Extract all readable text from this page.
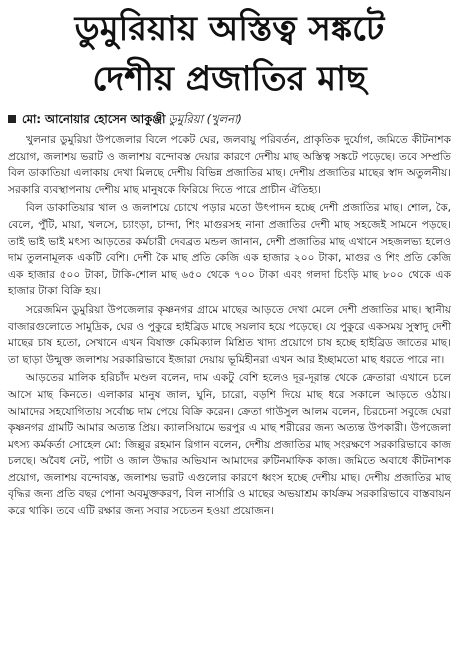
ডুমুরিয়ায় অস্তিত্ব সঙ্কটে
দেশীয় প্রজাতির মাছ
মো: আনোয়ার হোসেন আকুঞ্জী ডুমুরিয়া (খুলনা)

খুলনার ডুমুরিয়া উপজেলার বিলে পকেট ঘের, জলবায়ু পরিবর্তন, প্রাকৃতিক দুর্যোগ, জমিতে কীটনাশক প্রয়োগ, জলাশয় ভরাট ও জলাশয় বন্দোবস্ত দেয়ার কারণে দেশীয় মাছ অস্তিত্ব সঙ্কটে পড়েছে। তবে সম্প্রতি বিল ডাকাতিয়া এলাকায় দেখা মিলছে দেশীয় বিভিন্ন প্রজাতির মাছ। দেশীয় প্রজাতির মাছের স্বাদ অতুলনীয়। সরকারি ব্যবস্থাপনায় দেশীয় মাছ মানুষকে ফিরিয়ে দিতে পারে প্রাচীন ঐতিহ্য।

বিল ডাকাতিয়ার খাল ও জলাশয়ে চোখে পড়ার মতো উৎপাদন হচ্ছে দেশী প্রজাতির মাছ। শোল, কৈ, বেলে, পুঁটি, মায়া, খলসে, চ্যাংড়া, চান্দা, শিং মাগুরসহ নানা প্রজাতির দেশী মাছ সহজেই সামনে পড়ছে। তাই ভাই ভাই মৎস্য আড়তের কর্মচারী দেবব্রত মন্ডল জানান, দেশী প্রজাতির মাছ এখানে সহজলভ্য হলেও দাম তুলনামূলক একটি বেশি। দেশী কৈ মাছ প্রতি কেজি এক হাজার ২০০ টাকা, মাগুর ও শিং প্রতি কেজি এক হাজার ৫০০ টাকা, টাকি-শোল মাছ ৬৫০ থেকে ৭০০ টাকা এবং গলদা চিংড়ি মাছ ৮০০ থেকে এক হাজার টাকা বিক্রি হয়।

সরেজমিন ডুমুরিয়া উপজেলার কৃষ্ণনগর গ্রামে মাছের আড়তে দেখা মেলে দেশী প্রজাতির মাছ। স্থানীয় বাজারগুলোতে সামুদ্রিক, ঘের ও পুকুরে হাইব্রিড মাছে সয়লাব হয়ে পড়েছে। যে পুকুরে একসময় সুস্বাদু দেশী মাছের চাষ হতো, সেখানে এখন বিষাক্ত কেমিক্যাল মিশ্রিত খাদ্য প্রয়োগে চাষ হচ্ছে হাইব্রিড জাতের মাছ। তা ছাড়া উন্মুক্ত জলাশয় সরকারিভাবে ইজারা দেয়ায় ভূমিহীনরা এখন আর ইচ্ছামতো মাছ ধরতে পারে না।

আড়তের মালিক হরিচাঁদ মণ্ডল বলেন, দাম একটু বেশি হলেও দূর-দূরান্ত থেকে ক্রেতারা এখানে চলে আসে মাছ কিনতে। এলাকার মানুষ জাল, ঘুনি, চারো, বড়শি দিয়ে মাছ ধরে সকালে আড়তে ওঠায়। আমাদের সহযোগিতায় সর্বোচ্চ দাম পেয়ে বিক্রি করেন। ক্রেতা গাউসুল আলম বলেন, চিরচেনা সবুজে ঘেরা কৃষ্ণনগর গ্রামটি আমার অত্যন্ত প্রিয়। ক্যালসিয়ামে ভরপুর এ মাছ শরীরের জন্য অত্যন্ত উপকারী। উপজেলা মৎস্য কর্মকর্তা সোহেল মো: জিল্লুর রহমান রিগান বলেন, দেশীয় প্রজাতির মাছ সংরক্ষণে সরকারিভাবে কাজ চলছে। অবৈধ নেট, পাটা ও জাল উদ্ধার অভিযান আমাদের রুটিনমাফিক কাজ। জমিতে অবাধে কীটনাশক প্রয়োগ, জলাশয় বন্দোবস্ত, জলাশয় ভরাট এগুলোর কারণে ধ্বংস হচ্ছে দেশীয় মাছ। দেশীয় প্রজাতির মাছ বৃদ্ধির জন্য প্রতি বছর পোনা অবমুক্তকরণ, বিল নার্সারি ও মাছের অভয়াশ্রম কার্যক্রম সরকারিভাবে বাস্তবায়ন করে থাকি। তবে এটি রক্ষার জন্য সবার সচেতন হওয়া প্রয়োজন।
